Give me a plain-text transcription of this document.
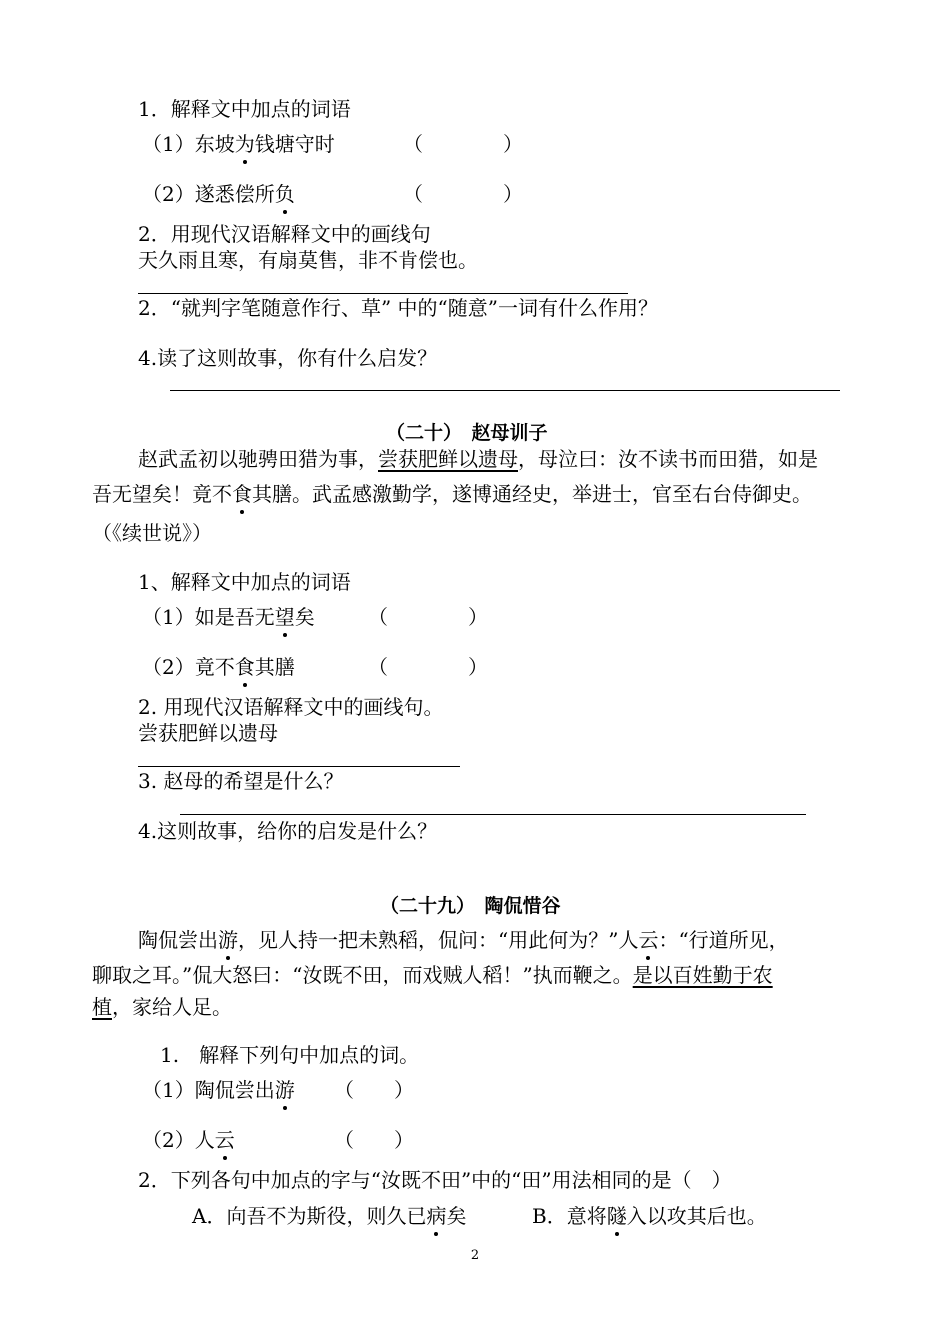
1．解释文中加点的词语
（1）东坡为钱塘守时	（　　　　）
（2）遂悉偿所负	（　　　　）
2．用现代汉语解释文中的画线句
天久雨且寒，有扇莫售，非不肯偿也。
2．“就判字笔随意作行、草” 中的“随意”一词有什么作用？
4.读了这则故事，你有什么启发？
（二十）　赵母训子
赵武孟初以驰骋田猎为事，尝获肥鲜以遗母，母泣曰：汝不读书而田猎，如是
吾无望矣！竟不食其膳。武孟感激勤学，遂博通经史，举进士，官至右台侍御史。
（《续世说》）
1、解释文中加点的词语
（1）如是吾无望矣	（　　　　）
（2）竟不食其膳	（　　　　）
2. 用现代汉语解释文中的画线句。
尝获肥鲜以遗母
3. 赵母的希望是什么？
4.这则故事，给你的启发是什么？
（二十九）　陶侃惜谷
陶侃尝出游，见人持一把未熟稻，侃问：“用此何为？”人云：“行道所见，
聊取之耳。”侃大怒曰：“汝既不田，而戏贼人稻！”执而鞭之。是以百姓勤于农
植，家给人足。
1.　解释下列句中加点的词。
（1）陶侃尝出游 （　　）
（2）人云	（　　）
2．下列各句中加点的字与“汝既不田”中的“田”用法相同的是（　）
A．向吾不为斯役，则久已病矣	B．意将隧入以攻其后也。
2
